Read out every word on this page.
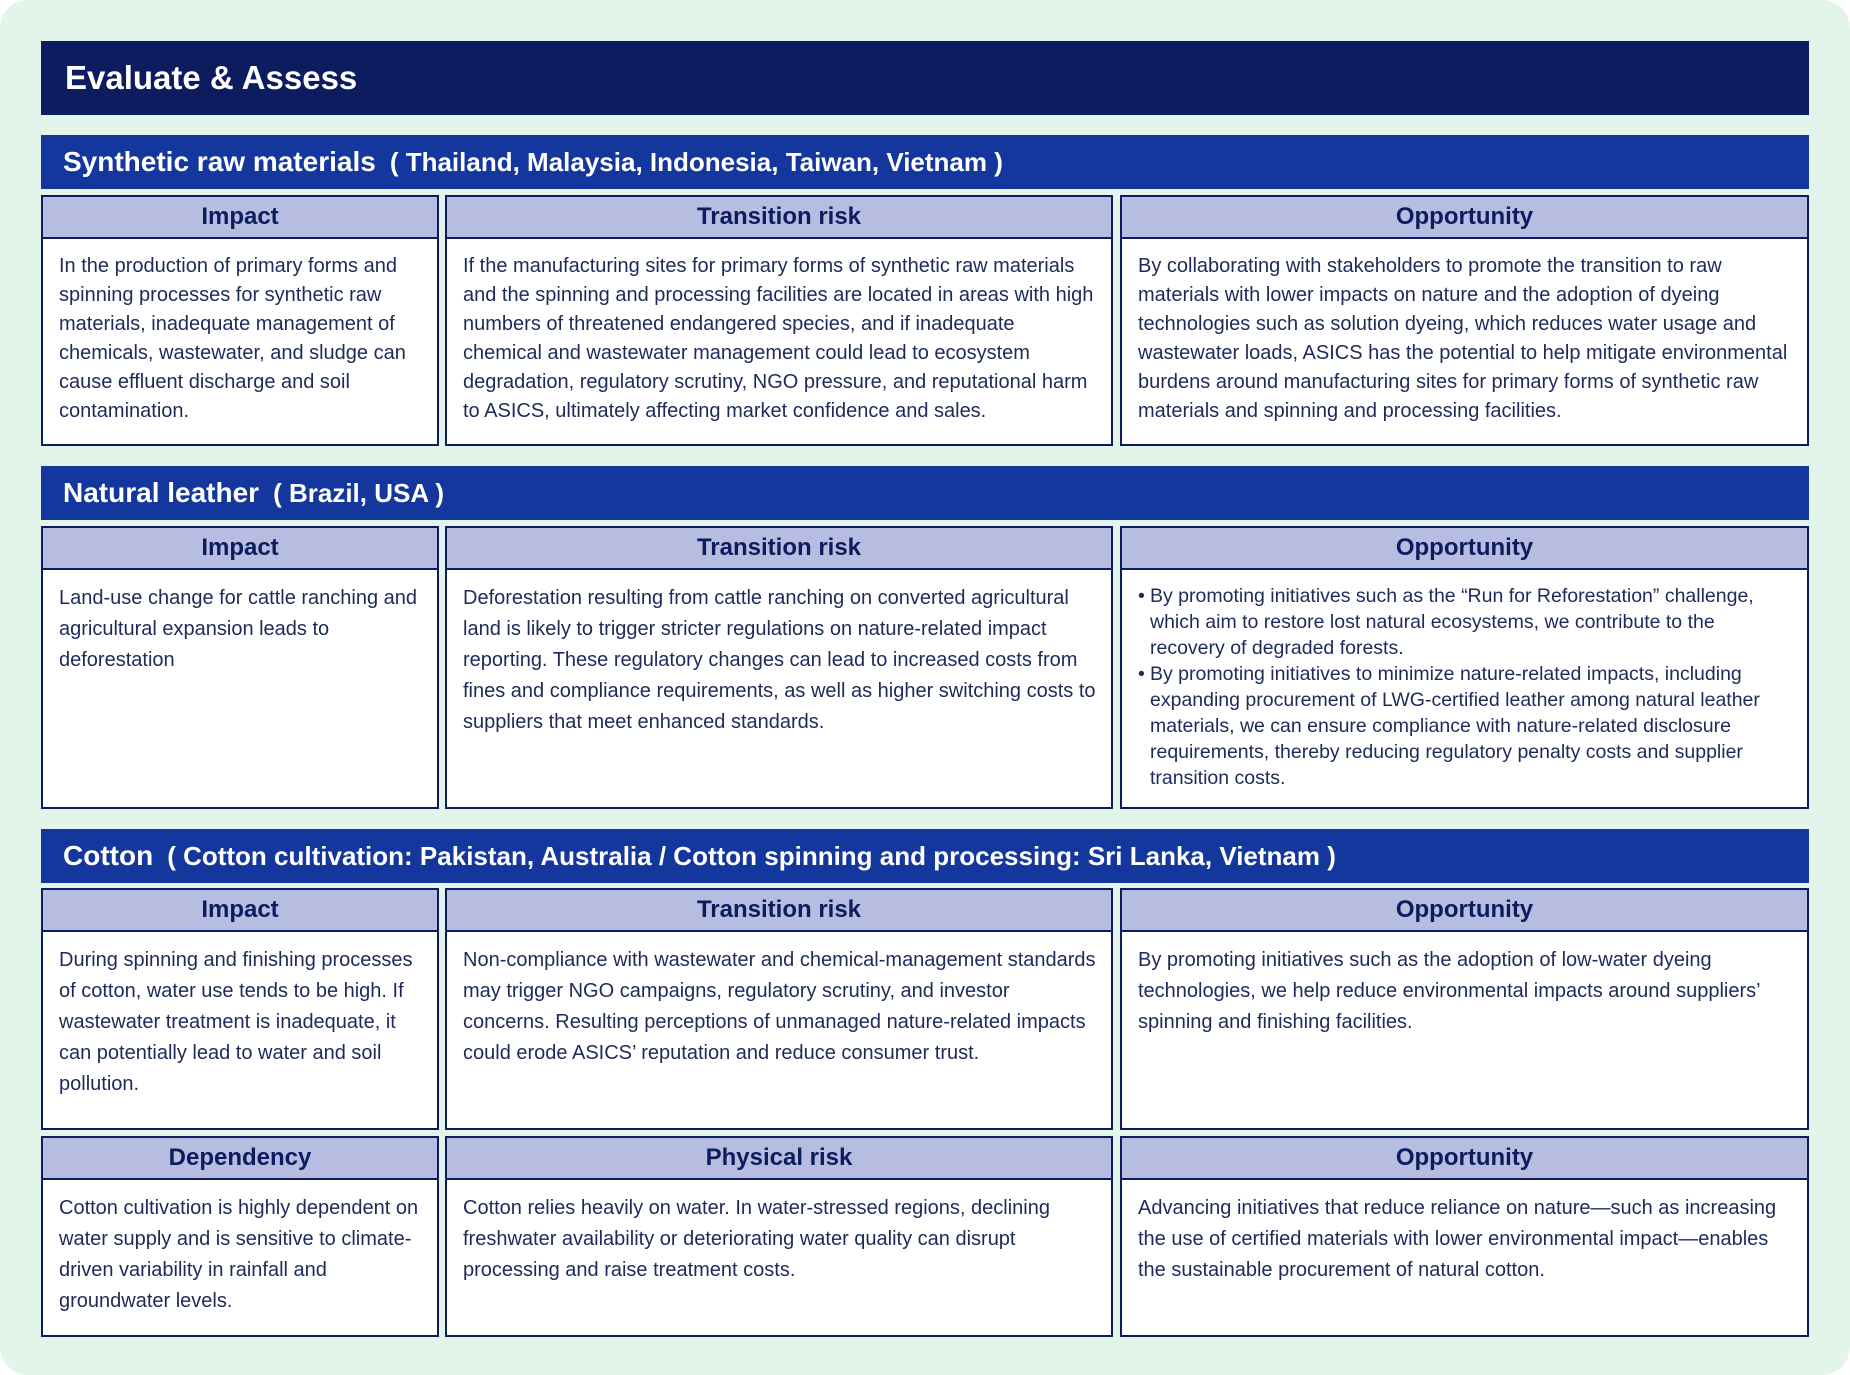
Evaluate & Assess
Synthetic raw materials ( Thailand, Malaysia, Indonesia, Taiwan, Vietnam )
Impact
In the production of primary forms and spinning processes for synthetic raw materials, inadequate management of chemicals, wastewater, and sludge can cause effluent discharge and soil contamination.
Transition risk
If the manufacturing sites for primary forms of synthetic raw materials and the spinning and processing facilities are located in areas with high numbers of threatened endangered species, and if inadequate chemical and wastewater management could lead to ecosystem degradation, regulatory scrutiny, NGO pressure, and reputational harm to ASICS, ultimately affecting market confidence and sales.
Opportunity
By collaborating with stakeholders to promote the transition to raw materials with lower impacts on nature and the adoption of dyeing technologies such as solution dyeing, which reduces water usage and wastewater loads, ASICS has the potential to help mitigate environmental burdens around manufacturing sites for primary forms of synthetic raw materials and spinning and processing facilities.
Natural leather ( Brazil, USA )
Impact
Land-use change for cattle ranching and agricultural expansion leads to deforestation
Transition risk
Deforestation resulting from cattle ranching on converted agricultural land is likely to trigger stricter regulations on nature-related impact reporting. These regulatory changes can lead to increased costs from fines and compliance requirements, as well as higher switching costs to suppliers that meet enhanced standards.
Opportunity
• By promoting initiatives such as the “Run for Reforestation” challenge, which aim to restore lost natural ecosystems, we contribute to the recovery of degraded forests.
• By promoting initiatives to minimize nature-related impacts, including expanding procurement of LWG-certified leather among natural leather materials, we can ensure compliance with nature-related disclosure requirements, thereby reducing regulatory penalty costs and supplier transition costs.
Cotton ( Cotton cultivation: Pakistan, Australia / Cotton spinning and processing: Sri Lanka, Vietnam )
Impact
During spinning and finishing processes of cotton, water use tends to be high. If wastewater treatment is inadequate, it can potentially lead to water and soil pollution.
Transition risk
Non-compliance with wastewater and chemical-management standards may trigger NGO campaigns, regulatory scrutiny, and investor concerns. Resulting perceptions of unmanaged nature-related impacts could erode ASICS’ reputation and reduce consumer trust.
Opportunity
By promoting initiatives such as the adoption of low-water dyeing technologies, we help reduce environmental impacts around suppliers’ spinning and finishing facilities.
Dependency
Cotton cultivation is highly dependent on water supply and is sensitive to climate-driven variability in rainfall and groundwater levels.
Physical risk
Cotton relies heavily on water. In water-stressed regions, declining freshwater availability or deteriorating water quality can disrupt processing and raise treatment costs.
Opportunity
Advancing initiatives that reduce reliance on nature—such as increasing the use of certified materials with lower environmental impact—enables the sustainable procurement of natural cotton.
